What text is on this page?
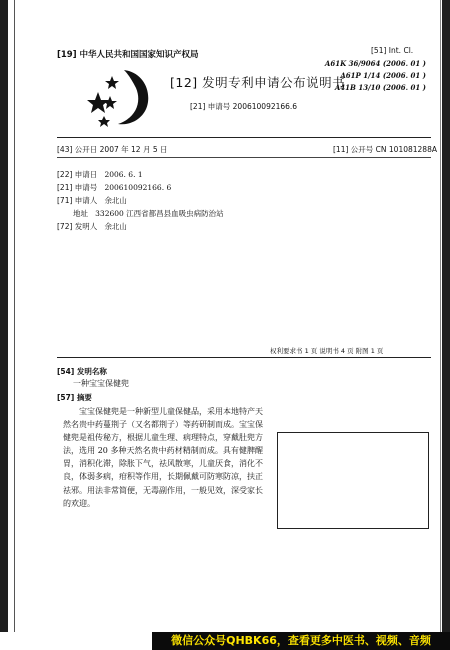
[19] 中华人民共和国国家知识产权局	[51] Int. Cl.
A61K 36/9064 (2006. 01 )
A61P 1/14 (2006. 01 )
A41B 13/10 (2006. 01 )
[12] 发明专利申请公布说明书
[21] 申请号 200610092166.6
[43] 公开日 2007 年 12 月 5 日	[11] 公开号 CN 101081288A
[22] 申请日 2006. 6. 1
[21] 申请号 200610092166. 6
[71] 申请人 余北山
地址 332600 江西省都昌县血吸虫病防治站
[72] 发明人 余北山
权利要求书 1 页 说明书 4 页 附图 1 页
[54] 发明名称
一种宝宝保健兜
[57] 摘要
宝宝保健兜是一种新型儿童保健品，采用本地特产天然名贵中药蔓荆子（又名都荆子）等药研制而成。宝宝保健兜是祖传秘方，根据儿童生理、病理特点，穿戴肚兜方法，选用 20 多种天然名贵中药材精制而成。具有健脾醒胃，消积化滞，除胀下气，祛风散寒，儿童厌食，消化不良，体弱多病，疳积等作用，长期佩戴可防寒防凉，扶正祛邪。用法非常简便，无毒副作用，一般见效，深受家长的欢迎。
微信公众号QHBK66，查看更多中医书、视频、音频
